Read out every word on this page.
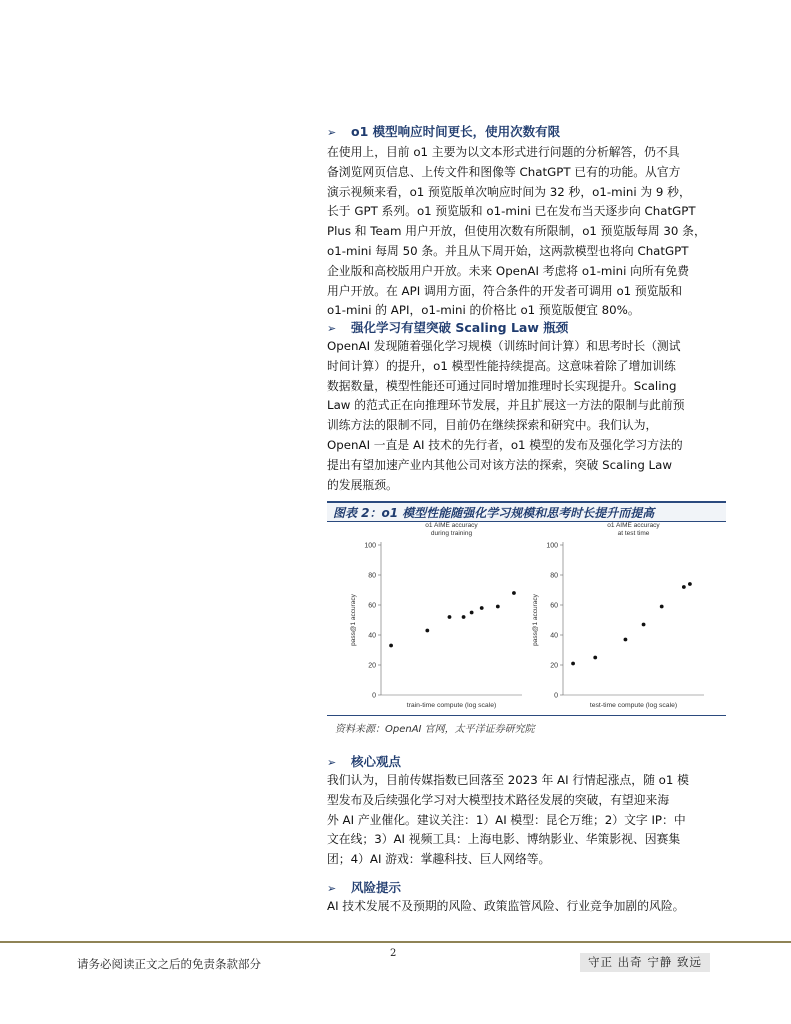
➢ o1 模型响应时间更长，使用次数有限
在使用上，目前 o1 主要为以文本形式进行问题的分析解答，仍不具
备浏览网页信息、上传文件和图像等 ChatGPT 已有的功能。从官方
演示视频来看，o1 预览版单次响应时间为 32 秒，o1-mini 为 9 秒，
长于 GPT 系列。o1 预览版和 o1-mini 已在发布当天逐步向 ChatGPT
Plus 和 Team 用户开放，但使用次数有所限制，o1 预览版每周 30 条，
o1-mini 每周 50 条。并且从下周开始，这两款模型也将向 ChatGPT
企业版和高校版用户开放。未来 OpenAI 考虑将 o1-mini 向所有免费
用户开放。在 API 调用方面，符合条件的开发者可调用 o1 预览版和
o1-mini 的 API，o1-mini 的价格比 o1 预览版便宜 80%。
➢ 强化学习有望突破 Scaling Law 瓶颈
OpenAI 发现随着强化学习规模（训练时间计算）和思考时长（测试
时间计算）的提升，o1 模型性能持续提高。这意味着除了增加训练
数据数量，模型性能还可通过同时增加推理时长实现提升。Scaling
Law 的范式正在向推理环节发展，并且扩展这一方法的限制与此前预
训练方法的限制不同，目前仍在继续探索和研究中。我们认为，
OpenAI 一直是 AI 技术的先行者，o1 模型的发布及强化学习方法的
提出有望加速产业内其他公司对该方法的探索，突破 Scaling Law
的发展瓶颈。
图表 2：o1 模型性能随强化学习规模和思考时长提升而提高
o1 AIME accuracy
during training
0
20
40
60
80
100
pass@1 accuracy
train-time compute (log scale)
o1 AIME accuracy
at test time
0
20
40
60
80
100
pass@1 accuracy
test-time compute (log scale)
资料来源：OpenAI 官网，太平洋证券研究院
➢ 核心观点
我们认为，目前传媒指数已回落至 2023 年 AI 行情起涨点，随 o1 模
型发布及后续强化学习对大模型技术路径发展的突破，有望迎来海
外 AI 产业催化。建议关注：1）AI 模型：昆仑万维；2）文字 IP：中
文在线；3）AI 视频工具：上海电影、博纳影业、华策影视、因赛集
团；4）AI 游戏：掌趣科技、巨人网络等。
➢ 风险提示
AI 技术发展不及预期的风险、政策监管风险、行业竞争加剧的风险。
2
请务必阅读正文之后的免责条款部分	守正 出奇 宁静 致远
